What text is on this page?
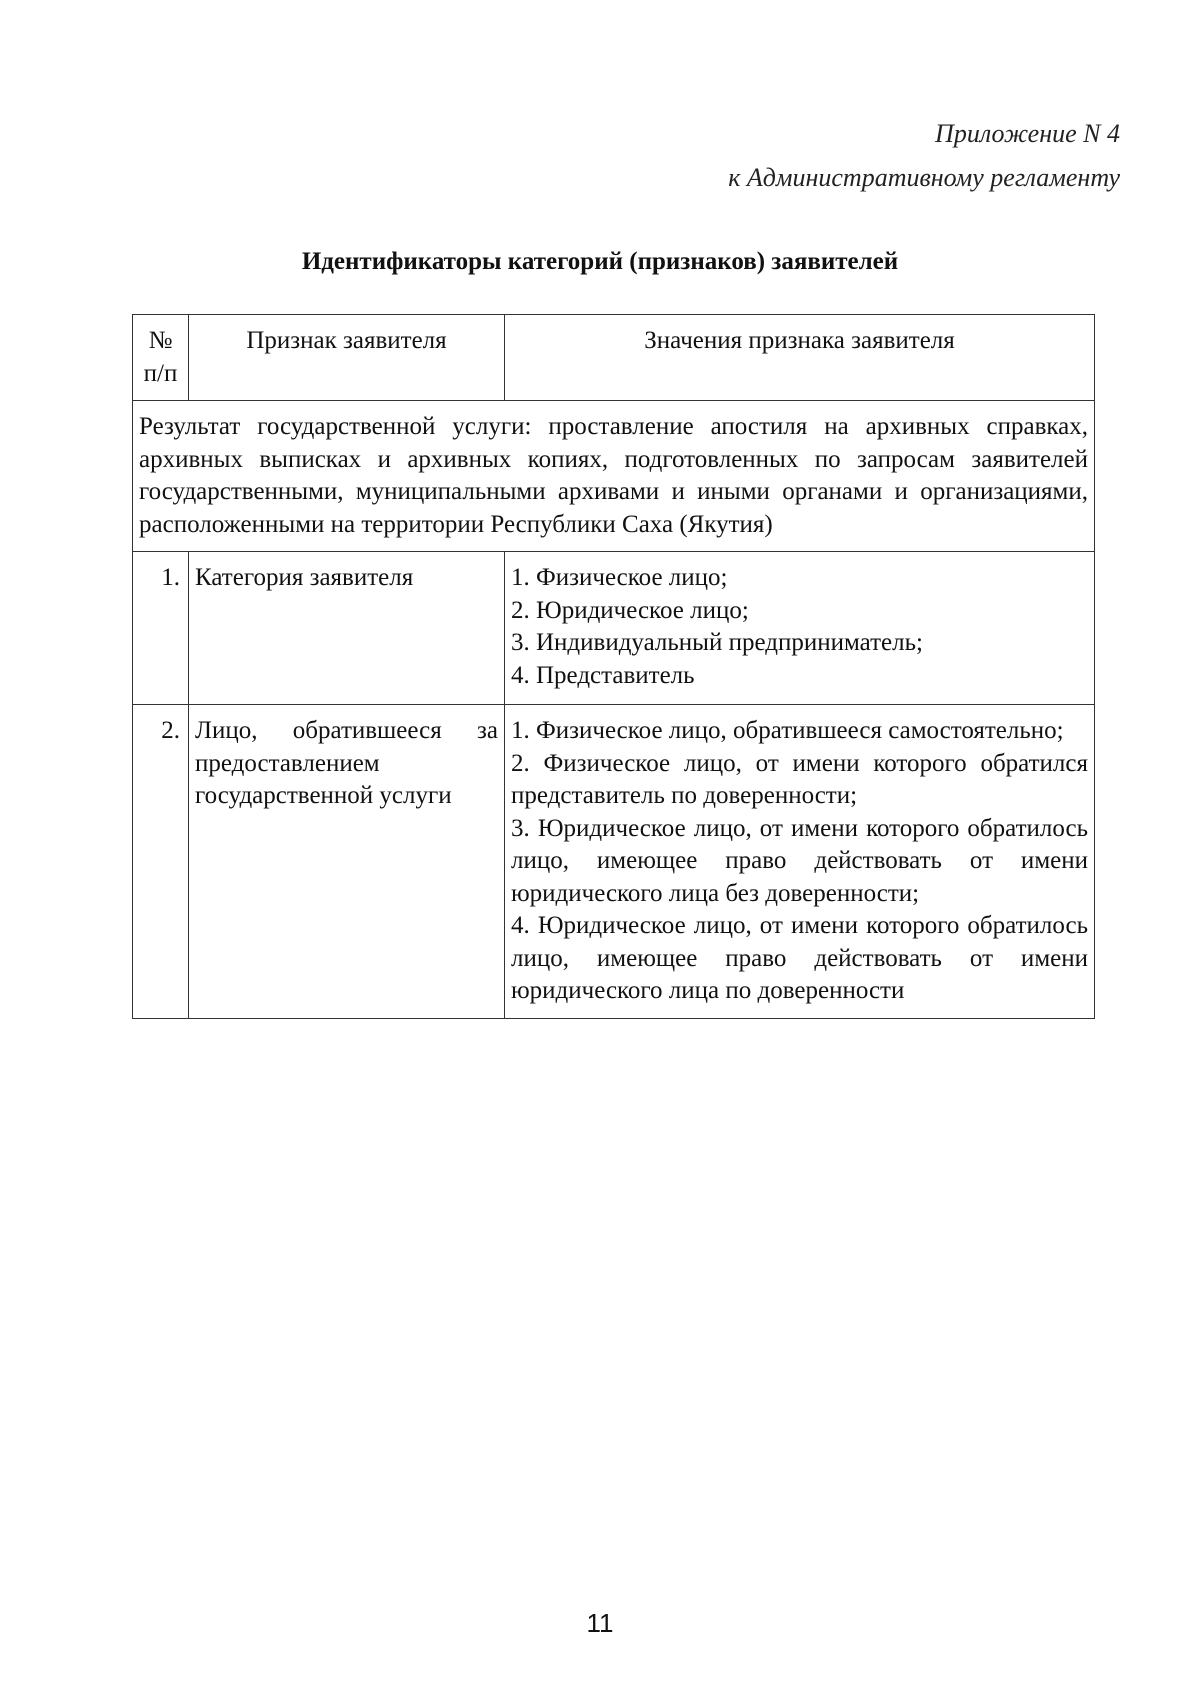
Приложение N 4
к Административному регламенту
Идентификаторы категорий (признаков) заявителей
№
п/п	Признак заявителя	Значения признака заявителя
Результат государственной услуги: проставление апостиля на архивных справках, архивных выписках и архивных копиях, подготовленных по запросам заявителей государственными, муниципальными архивами и иными органами и организациями, расположенными на территории Республики Саха (Якутия)		
1.	Категория заявителя	1. Физическое лицо;
2. Юридическое лицо;
3. Индивидуальный предприниматель;
4. Представитель

2.	Лицо, обратившееся за предоставлением государственной услуги	1. Физическое лицо, обратившееся самостоятельно;
2. Физическое лицо, от имени которого обратился представитель по доверенности;
3. Юридическое лицо, от имени которого обратилось лицо, имеющее право действовать от имени юридического лица без доверенности;
4. Юридическое лицо, от имени которого обратилось лицо, имеющее право действовать от имени юридического лица по доверенности
11
